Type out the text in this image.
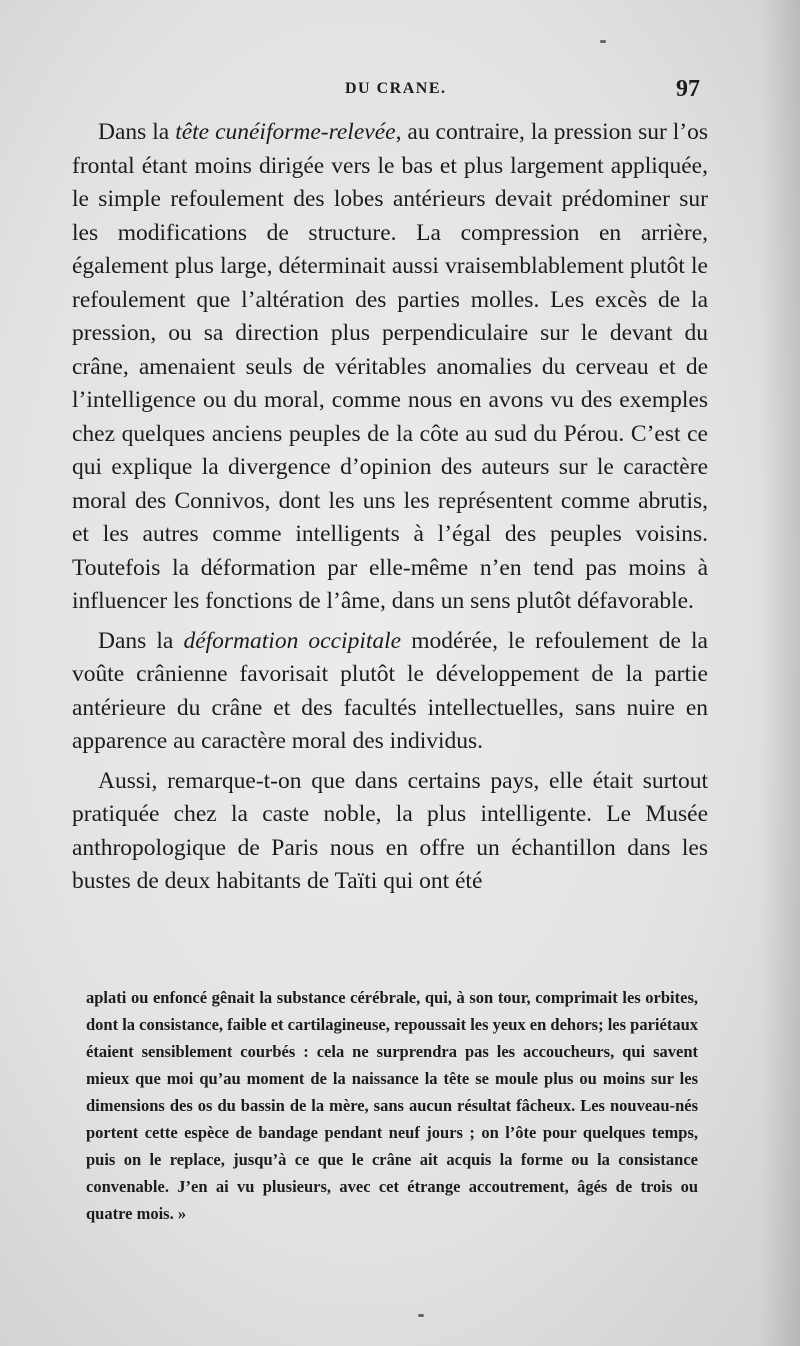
DU CRANE.	97

Dans la tête cunéiforme-relevée, au contraire, la pression sur l’os frontal étant moins dirigée vers le bas et plus largement appliquée, le simple refoulement des lobes antérieurs devait prédominer sur les modifications de structure. La compression en arrière, également plus large, déterminait aussi vraisemblablement plutôt le refoulement que l’altération des parties molles. Les excès de la pression, ou sa direction plus perpendiculaire sur le devant du crâne, amenaient seuls de véritables anomalies du cerveau et de l’intelligence ou du moral, comme nous en avons vu des exemples chez quelques anciens peuples de la côte au sud du Pérou. C’est ce qui explique la divergence d’opinion des auteurs sur le caractère moral des Connivos, dont les uns les représentent comme abrutis, et les autres comme intelligents à l’égal des peuples voisins. Toutefois la déformation par elle-même n’en tend pas moins à influencer les fonctions de l’âme, dans un sens plutôt défavorable.

Dans la déformation occipitale modérée, le refoulement de la voûte crânienne favorisait plutôt le développement de la partie antérieure du crâne et des facultés intellectuelles, sans nuire en apparence au caractère moral des individus.

Aussi, remarque-t-on que dans certains pays, elle était surtout pratiquée chez la caste noble, la plus intelligente. Le Musée anthropologique de Paris nous en offre un échantillon dans les bustes de deux habitants de Taïti qui ont été

aplati ou enfoncé gênait la substance cérébrale, qui, à son tour, comprimait les orbites, dont la consistance, faible et cartilagineuse, repoussait les yeux en dehors; les pariétaux étaient sensiblement courbés : cela ne surprendra pas les accoucheurs, qui savent mieux que moi qu’au moment de la naissance la tête se moule plus ou moins sur les dimensions des os du bassin de la mère, sans aucun résultat fâcheux. Les nouveau-nés portent cette espèce de bandage pendant neuf jours ; on l’ôte pour quelques temps, puis on le replace, jusqu’à ce que le crâne ait acquis la forme ou la consistance convenable. J’en ai vu plusieurs, avec cet étrange accoutrement, âgés de trois ou quatre mois. »
